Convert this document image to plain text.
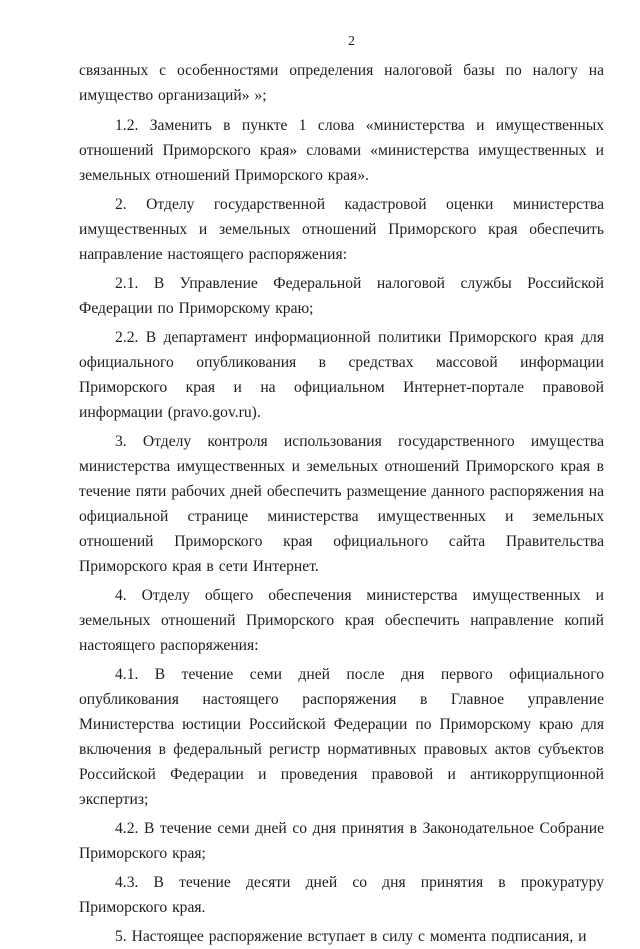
2

связанных с особенностями определения налоговой базы по налогу на имущество организаций» »;

1.2. Заменить в пункте 1 слова «министерства и имущественных отношений Приморского края» словами «министерства имущественных и земельных отношений Приморского края».

2. Отделу государственной кадастровой оценки министерства имущественных и земельных отношений Приморского края обеспечить направление настоящего распоряжения:

2.1. В Управление Федеральной налоговой службы Российской Федерации по Приморскому краю;

2.2. В департамент информационной политики Приморского края для официального опубликования в средствах массовой информации Приморского края и на официальном Интернет-портале правовой информации (pravo.gov.ru).

3. Отделу контроля использования государственного имущества министерства имущественных и земельных отношений Приморского края в течение пяти рабочих дней обеспечить размещение данного распоряжения на официальной странице министерства имущественных и земельных отношений Приморского края официального сайта Правительства Приморского края в сети Интернет.

4. Отделу общего обеспечения министерства имущественных и земельных отношений Приморского края обеспечить направление копий настоящего распоряжения:

4.1. В течение семи дней после дня первого официального опубликования настоящего распоряжения в Главное управление Министерства юстиции Российской Федерации по Приморскому краю для включения в федеральный регистр нормативных правовых актов субъектов Российской Федерации и проведения правовой и антикоррупционной экспертиз;

4.2. В течение семи дней со дня принятия в Законодательное Собрание Приморского края;

4.3. В течение десяти дней со дня принятия в прокуратуру Приморского края.

5. Настоящее распоряжение вступает в силу с момента подписания, и
